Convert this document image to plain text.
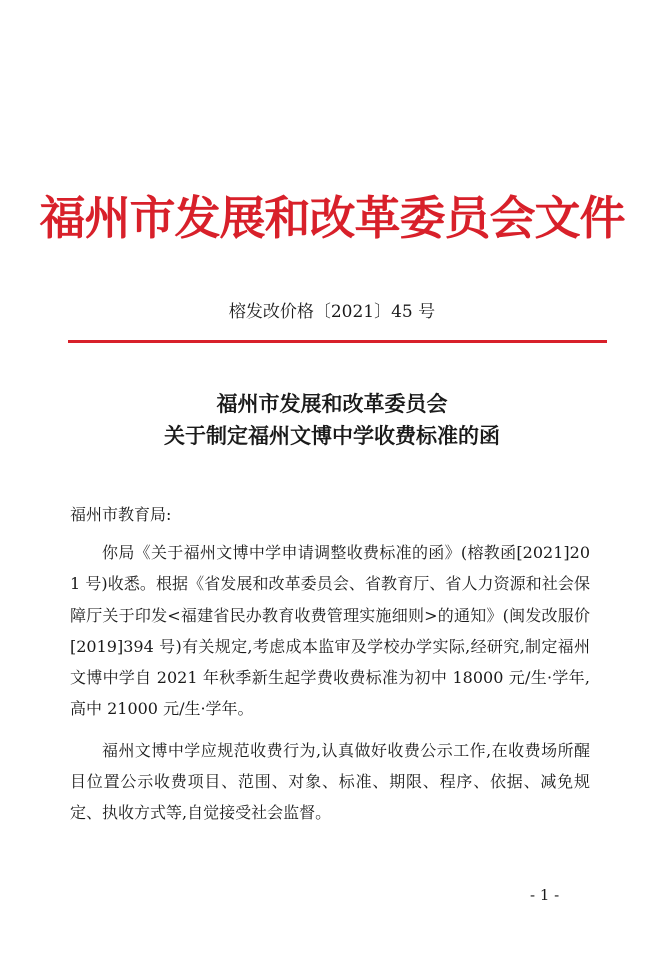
福州市发展和改革委员会文件
榕发改价格〔2021〕45 号
福州市发展和改革委员会
关于制定福州文博中学收费标准的函
福州市教育局:

你局《关于福州文博中学申请调整收费标准的函》(榕教函[2021]201 号)收悉。根据《省发展和改革委员会、省教育厅、省人力资源和社会保障厅关于印发<福建省民办教育收费管理实施细则>的通知》(闽发改服价[2019]394 号)有关规定,考虑成本监审及学校办学实际,经研究,制定福州文博中学自 2021 年秋季新生起学费收费标准为初中 18000 元/生·学年,高中 21000 元/生·学年。

福州文博中学应规范收费行为,认真做好收费公示工作,在收费场所醒目位置公示收费项目、范围、对象、标准、期限、程序、依据、减免规定、执收方式等,自觉接受社会监督。

- 1 -
